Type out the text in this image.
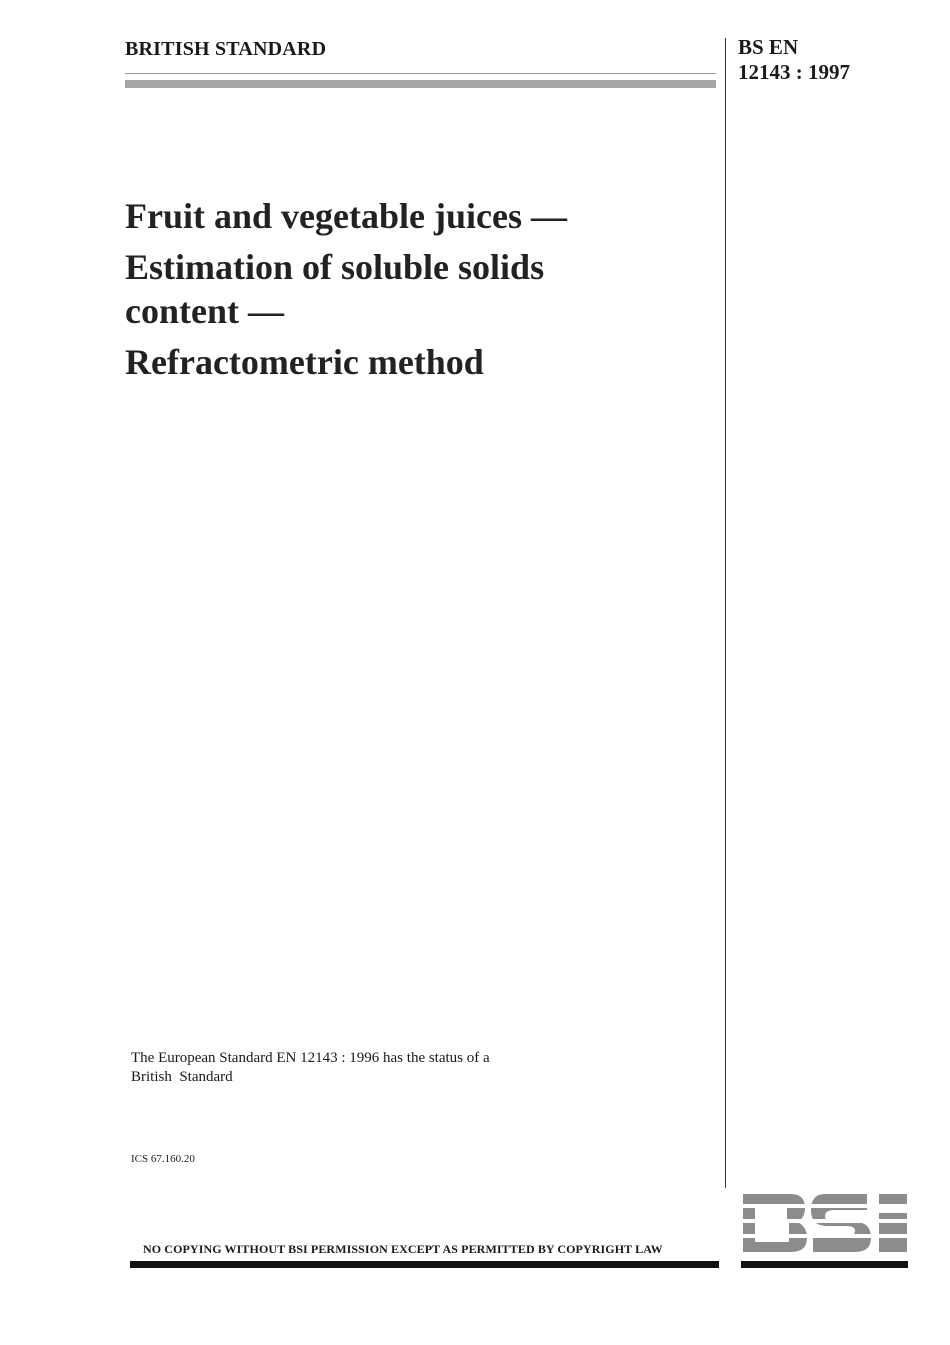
BRITISH STANDARD	BS EN
12143 : 1997
Fruit and vegetable juices —
Estimation of soluble solids
content —
Refractometric method
The European Standard EN 12143 : 1996 has the status of a
British  Standard
ICS 67.160.20
NO COPYING WITHOUT BSI PERMISSION EXCEPT AS PERMITTED BY COPYRIGHT LAW
